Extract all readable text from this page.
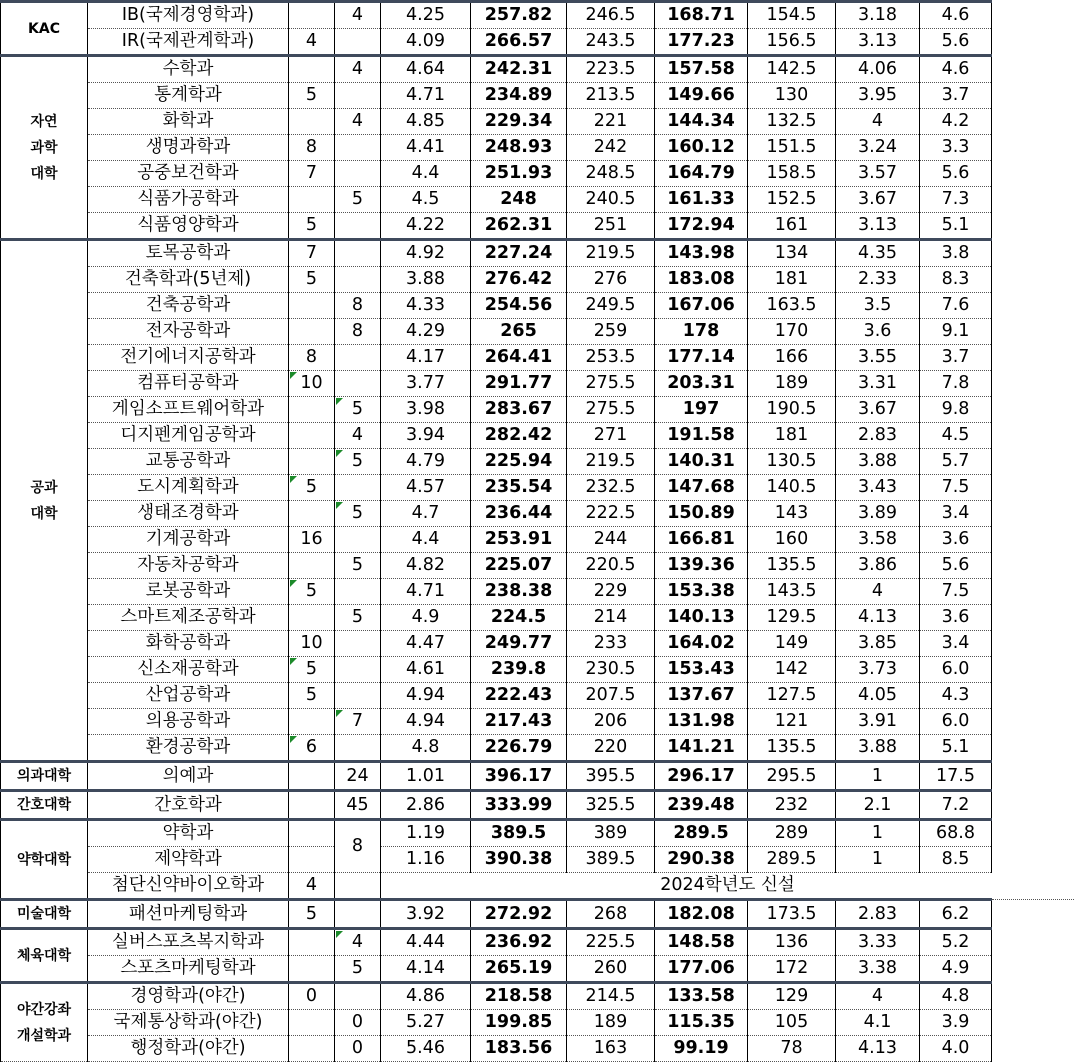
KAC	IB(국제경영학과)		4	4.25	257.82	246.5	168.71	154.5	3.18	4.6
	IR(국제관계학과)	4		4.09	266.57	243.5	177.23	156.5	3.13	5.6

자연
과학
대학	수학과		4	4.64	242.31	223.5	157.58	142.5	4.06	4.6
	통계학과	5		4.71	234.89	213.5	149.66	130	3.95	3.7
	화학과		4	4.85	229.34	221	144.34	132.5	4	4.2
	생명과학과	8		4.41	248.93	242	160.12	151.5	3.24	3.3
	공중보건학과	7		4.4	251.93	248.5	164.79	158.5	3.57	5.6
	식품가공학과		5	4.5	248	240.5	161.33	152.5	3.67	7.3
	식품영양학과	5		4.22	262.31	251	172.94	161	3.13	5.1

공과
대학	토목공학과	7		4.92	227.24	219.5	143.98	134	4.35	3.8
	건축학과(5년제)	5		3.88	276.42	276	183.08	181	2.33	8.3
	건축공학과		8	4.33	254.56	249.5	167.06	163.5	3.5	7.6
	전자공학과		8	4.29	265	259	178	170	3.6	9.1
	전기에너지공학과	8		4.17	264.41	253.5	177.14	166	3.55	3.7
	컴퓨터공학과	10		3.77	291.77	275.5	203.31	189	3.31	7.8
	게임소프트웨어학과		5	3.98	283.67	275.5	197	190.5	3.67	9.8
	디지펜게임공학과		4	3.94	282.42	271	191.58	181	2.83	4.5
	교통공학과		5	4.79	225.94	219.5	140.31	130.5	3.88	5.7
	도시계획학과	5		4.57	235.54	232.5	147.68	140.5	3.43	7.5
	생태조경학과		5	4.7	236.44	222.5	150.89	143	3.89	3.4
	기계공학과	16		4.4	253.91	244	166.81	160	3.58	3.6
	자동차공학과		5	4.82	225.07	220.5	139.36	135.5	3.86	5.6
	로봇공학과	5		4.71	238.38	229	153.38	143.5	4	7.5
	스마트제조공학과		5	4.9	224.5	214	140.13	129.5	4.13	3.6
	화학공학과	10		4.47	249.77	233	164.02	149	3.85	3.4
	신소재공학과	5		4.61	239.8	230.5	153.43	142	3.73	6.0
	산업공학과	5		4.94	222.43	207.5	137.67	127.5	4.05	4.3
	의용공학과		7	4.94	217.43	206	131.98	121	3.91	6.0
	환경공학과	6		4.8	226.79	220	141.21	135.5	3.88	5.1

의과대학	의예과		24	1.01	396.17	395.5	296.17	295.5	1	17.5

간호대학	간호학과		45	2.86	333.99	325.5	239.48	232	2.1	7.2

약학대학	약학과		8	1.19	389.5	389	289.5	289	1	68.8
	제약학과			1.16	390.38	389.5	290.38	289.5	1	8.5
	첨단신약바이오학과	4		2024학년도 신설						

미술대학	패션마케팅학과	5		3.92	272.92	268	182.08	173.5	2.83	6.2

체육대학	실버스포츠복지학과		4	4.44	236.92	225.5	148.58	136	3.33	5.2
	스포츠마케팅학과		5	4.14	265.19	260	177.06	172	3.38	4.9

야간강좌
개설학과	경영학과(야간)	0		4.86	218.58	214.5	133.58	129	4	4.8
	국제통상학과(야간)		0	5.27	199.85	189	115.35	105	4.1	3.9
	행정학과(야간)		0	5.46	183.56	163	99.19	78	4.13	4.0
